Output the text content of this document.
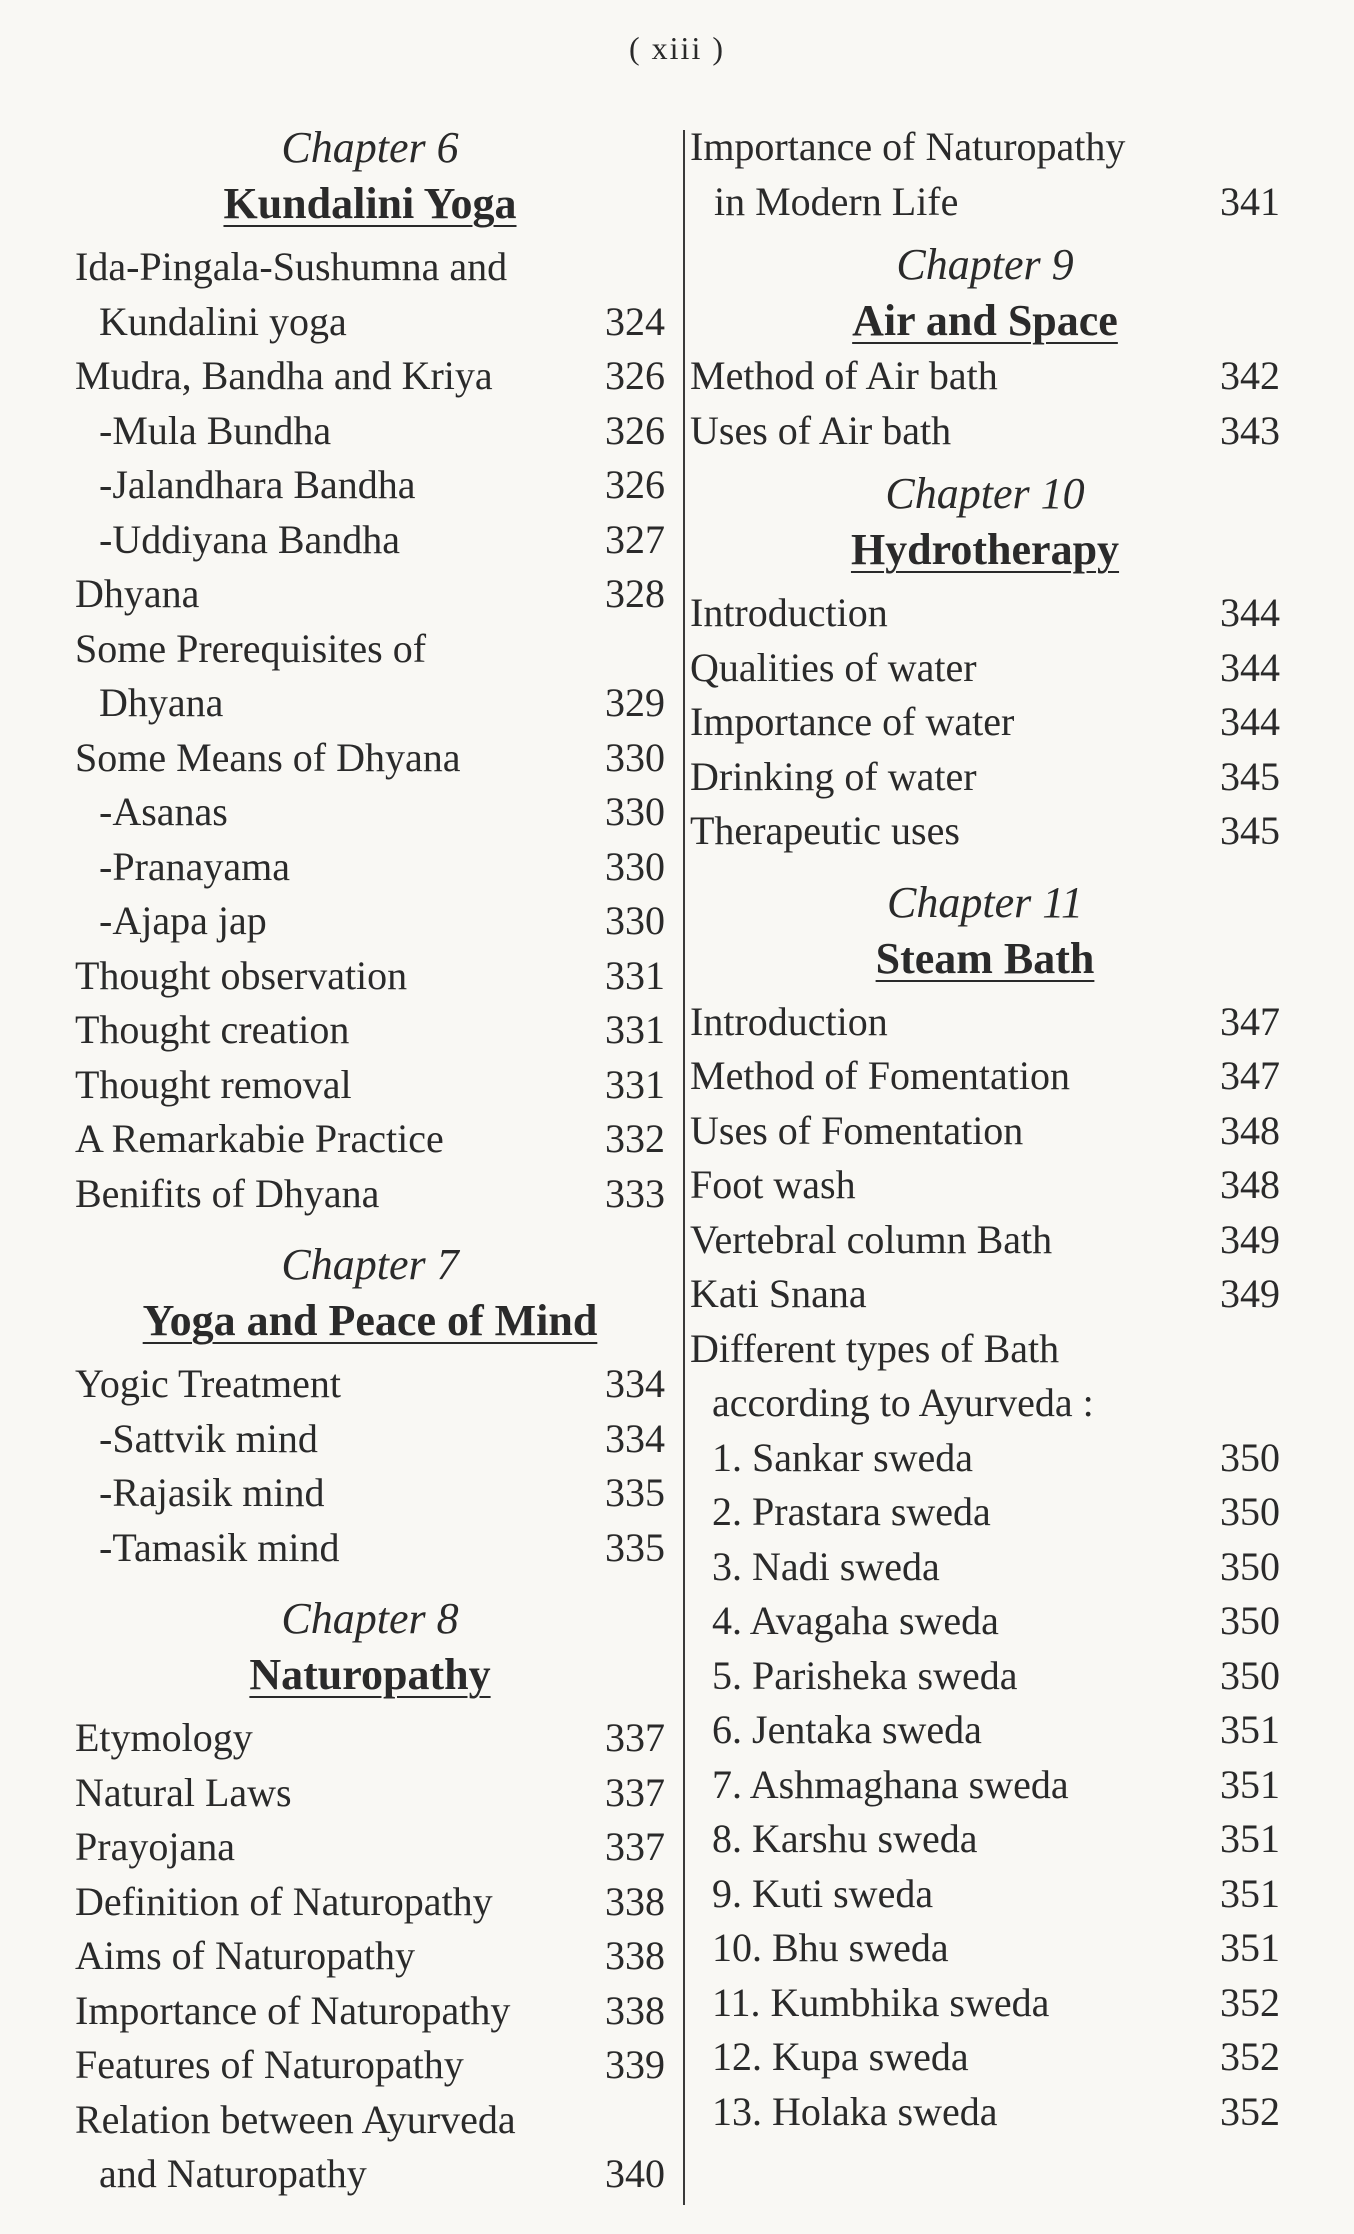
( xiii )
Chapter 6
Kundalini Yoga
Ida-Pingala-Sushumna and
Kundalini yoga	324
Mudra, Bandha and Kriya	326
-Mula Bundha	326
-Jalandhara Bandha	326
-Uddiyana Bandha	327
Dhyana	328
Some Prerequisites of
Dhyana	329
Some Means of Dhyana	330
-Asanas	330
-Pranayama	330
-Ajapa jap	330
Thought observation	331
Thought creation	331
Thought removal	331
A Remarkabie Practice	332
Benifits of Dhyana	333
Chapter 7
Yoga and Peace of Mind
Yogic Treatment	334
-Sattvik mind	334
-Rajasik mind	335
-Tamasik mind	335
Chapter 8
Naturopathy
Etymology	337
Natural Laws	337
Prayojana	337
Definition of Naturopathy	338
Aims of Naturopathy	338
Importance of Naturopathy 338
Features of Naturopathy	339
Relation between Ayurveda
and Naturopathy	340
Importance of Naturopathy
in Modern Life	341
Chapter 9
Air and Space
Method of Air bath	342
Uses of Air bath	343
Chapter 10
Hydrotherapy
Introduction	344
Qualities of water	344
Importance of water	344
Drinking of water	345
Therapeutic uses	345
Chapter 11
Steam Bath
Introduction	347
Method of Fomentation	347
Uses of Fomentation	348
Foot wash	348
Vertebral column Bath	349
Kati Snana	349
Different types of Bath
according to Ayurveda :
1. Sankar sweda	350
2. Prastara sweda	350
3. Nadi sweda	350
4. Avagaha sweda	350
5. Parisheka sweda	350
6. Jentaka sweda	351
7. Ashmaghana sweda	351
8. Karshu sweda	351
9. Kuti sweda	351
10. Bhu sweda	351
11. Kumbhika sweda	352
12. Kupa sweda	352
13. Holaka sweda	352
